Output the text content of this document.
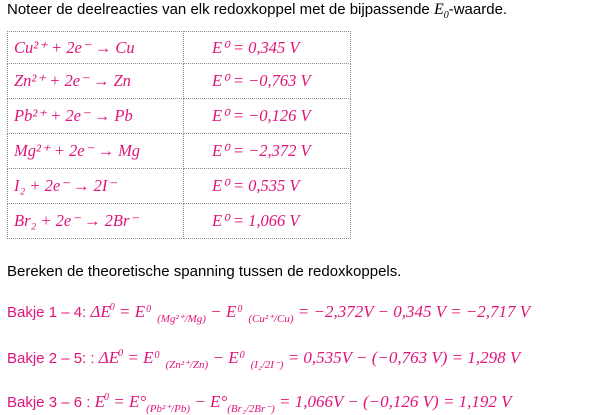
Noteer de deelreacties van elk redoxkoppel met de bijpassende $E_0$-waarde.
Cu²⁺ + 2e⁻ → Cu	E⁰ = 0,345 V
Zn²⁺ + 2e⁻ → Zn	E⁰ = −0,763 V
Pb²⁺ + 2e⁻ → Pb	E⁰ = −0,126 V
Mg²⁺ + 2e⁻ → Mg	E⁰ = −2,372 V
I₂ + 2e⁻ → 2I⁻	E⁰ = 0,535 V
Br₂ + 2e⁻ → 2Br⁻	E⁰ = 1,066 V
Bereken de theoretische spanning tussen de redoxkoppels.
Bakje 1 – 4: $\Delta E^0 = E$ 0
$_{(Mg^{2+}/Mg)}$ − E 0
$_{(Cu^{2+}/Cu)}$ = −2,372V − 0,345 V = −2,717 V
Bakje 2 – 5: : $\Delta E^0 = E$ 0
$_{(Zn^{2+}/Zn)}$ − E 0
$_{(I_2/2I^-)}$ = 0,535V − (−0,763 V) = 1,298 V
Bakje 3 – 6 : $E^0 = E^\circ_{(Pb^{2+}/Pb)} - E^\circ_{(Br_2/2Br^-)} = 1,066V - (-0,126$ V) = 1,192 V
